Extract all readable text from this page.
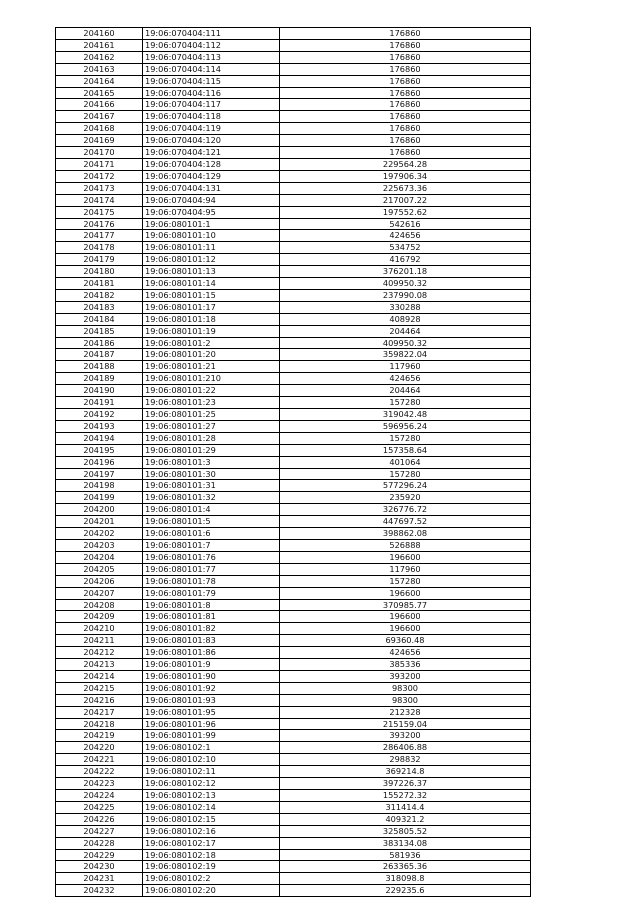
204160	19:06:070404:111	176860
204161	19:06:070404:112	176860
204162	19:06:070404:113	176860
204163	19:06:070404:114	176860
204164	19:06:070404:115	176860
204165	19:06:070404:116	176860
204166	19:06:070404:117	176860
204167	19:06:070404:118	176860
204168	19:06:070404:119	176860
204169	19:06:070404:120	176860
204170	19:06:070404:121	176860
204171	19:06:070404:128	229564.28
204172	19:06:070404:129	197906.34
204173	19:06:070404:131	225673.36
204174	19:06:070404:94	217007.22
204175	19:06:070404:95	197552.62
204176	19:06:080101:1	542616
204177	19:06:080101:10	424656
204178	19:06:080101:11	534752
204179	19:06:080101:12	416792
204180	19:06:080101:13	376201.18
204181	19:06:080101:14	409950.32
204182	19:06:080101:15	237990.08
204183	19:06:080101:17	330288
204184	19:06:080101:18	408928
204185	19:06:080101:19	204464
204186	19:06:080101:2	409950.32
204187	19:06:080101:20	359822.04
204188	19:06:080101:21	117960
204189	19:06:080101:210	424656
204190	19:06:080101:22	204464
204191	19:06:080101:23	157280
204192	19:06:080101:25	319042.48
204193	19:06:080101:27	596956.24
204194	19:06:080101:28	157280
204195	19:06:080101:29	157358.64
204196	19:06:080101:3	401064
204197	19:06:080101:30	157280
204198	19:06:080101:31	577296.24
204199	19:06:080101:32	235920
204200	19:06:080101:4	326776.72
204201	19:06:080101:5	447697.52
204202	19:06:080101:6	398862.08
204203	19:06:080101:7	526888
204204	19:06:080101:76	196600
204205	19:06:080101:77	117960
204206	19:06:080101:78	157280
204207	19:06:080101:79	196600
204208	19:06:080101:8	370985.77
204209	19:06:080101:81	196600
204210	19:06:080101:82	196600
204211	19:06:080101:83	69360.48
204212	19:06:080101:86	424656
204213	19:06:080101:9	385336
204214	19:06:080101:90	393200
204215	19:06:080101:92	98300
204216	19:06:080101:93	98300
204217	19:06:080101:95	212328
204218	19:06:080101:96	215159.04
204219	19:06:080101:99	393200
204220	19:06:080102:1	286406.88
204221	19:06:080102:10	298832
204222	19:06:080102:11	369214.8
204223	19:06:080102:12	397226.37
204224	19:06:080102:13	155272.32
204225	19:06:080102:14	311414.4
204226	19:06:080102:15	409321.2
204227	19:06:080102:16	325805.52
204228	19:06:080102:17	383134.08
204229	19:06:080102:18	581936
204230	19:06:080102:19	263365.36
204231	19:06:080102:2	318098.8
204232	19:06:080102:20	229235.6
